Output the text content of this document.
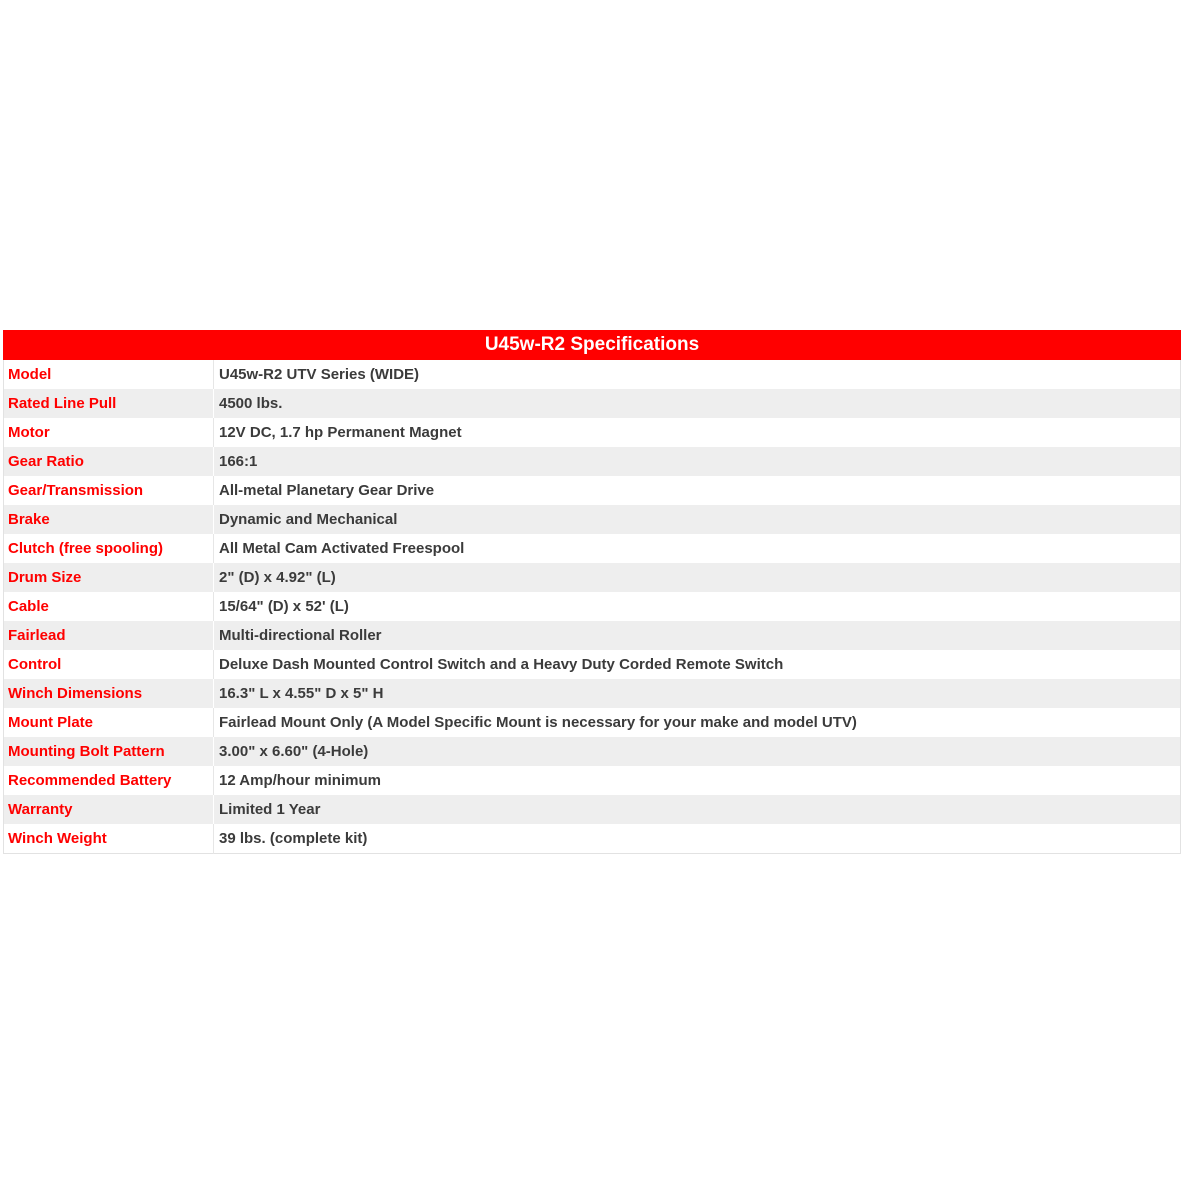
U45w-R2 Specifications
Model	U45w-R2 UTV Series (WIDE)
Rated Line Pull	4500 lbs.
Motor	12V DC, 1.7 hp Permanent Magnet
Gear Ratio	166:1
Gear/Transmission	All-metal Planetary Gear Drive
Brake	Dynamic and Mechanical
Clutch (free spooling)	All Metal Cam Activated Freespool
Drum Size	2" (D) x 4.92" (L)
Cable	15/64" (D) x 52' (L)
Fairlead	Multi-directional Roller
Control	Deluxe Dash Mounted Control Switch and a Heavy Duty Corded Remote Switch
Winch Dimensions	16.3" L x 4.55" D x 5" H
Mount Plate	Fairlead Mount Only (A Model Specific Mount is necessary for your make and model UTV)
Mounting Bolt Pattern	3.00" x 6.60" (4-Hole)
Recommended Battery	12 Amp/hour minimum
Warranty	Limited 1 Year
Winch Weight	39 lbs. (complete kit)
